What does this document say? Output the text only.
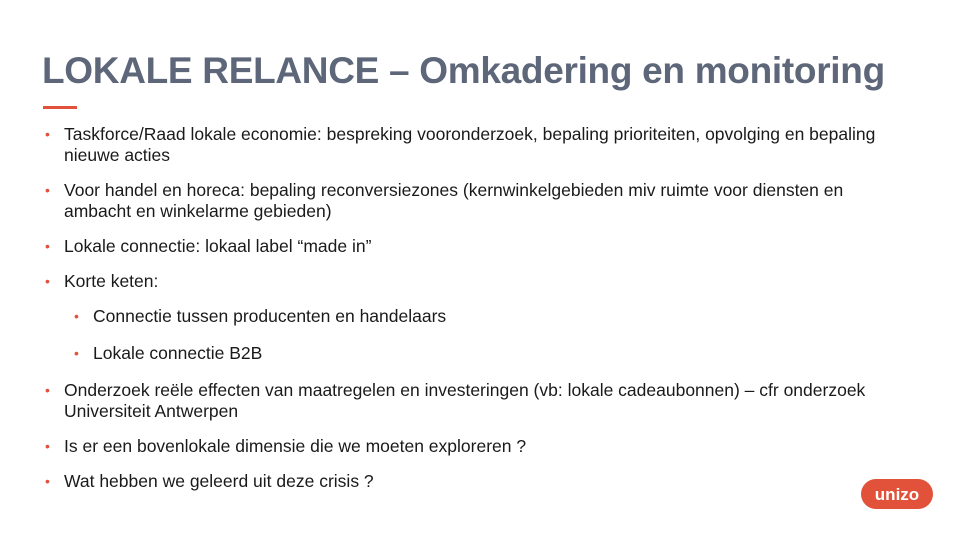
LOKALE RELANCE – Omkadering en monitoring
• Taskforce/Raad lokale economie: bespreking vooronderzoek, bepaling prioriteiten, opvolging en bepaling nieuwe acties
• Voor handel en horeca: bepaling reconversiezones (kernwinkelgebieden miv ruimte voor diensten en ambacht en winkelarme gebieden)
• Lokale connectie: lokaal label “made in”
• Korte keten:
• Connectie tussen producenten en handelaars
• Lokale connectie B2B
• Onderzoek reële effecten van maatregelen en investeringen (vb: lokale cadeaubonnen) – cfr onderzoek Universiteit Antwerpen
• Is er een bovenlokale dimensie die we moeten exploreren ?
• Wat hebben we geleerd uit deze crisis ?
unizo
